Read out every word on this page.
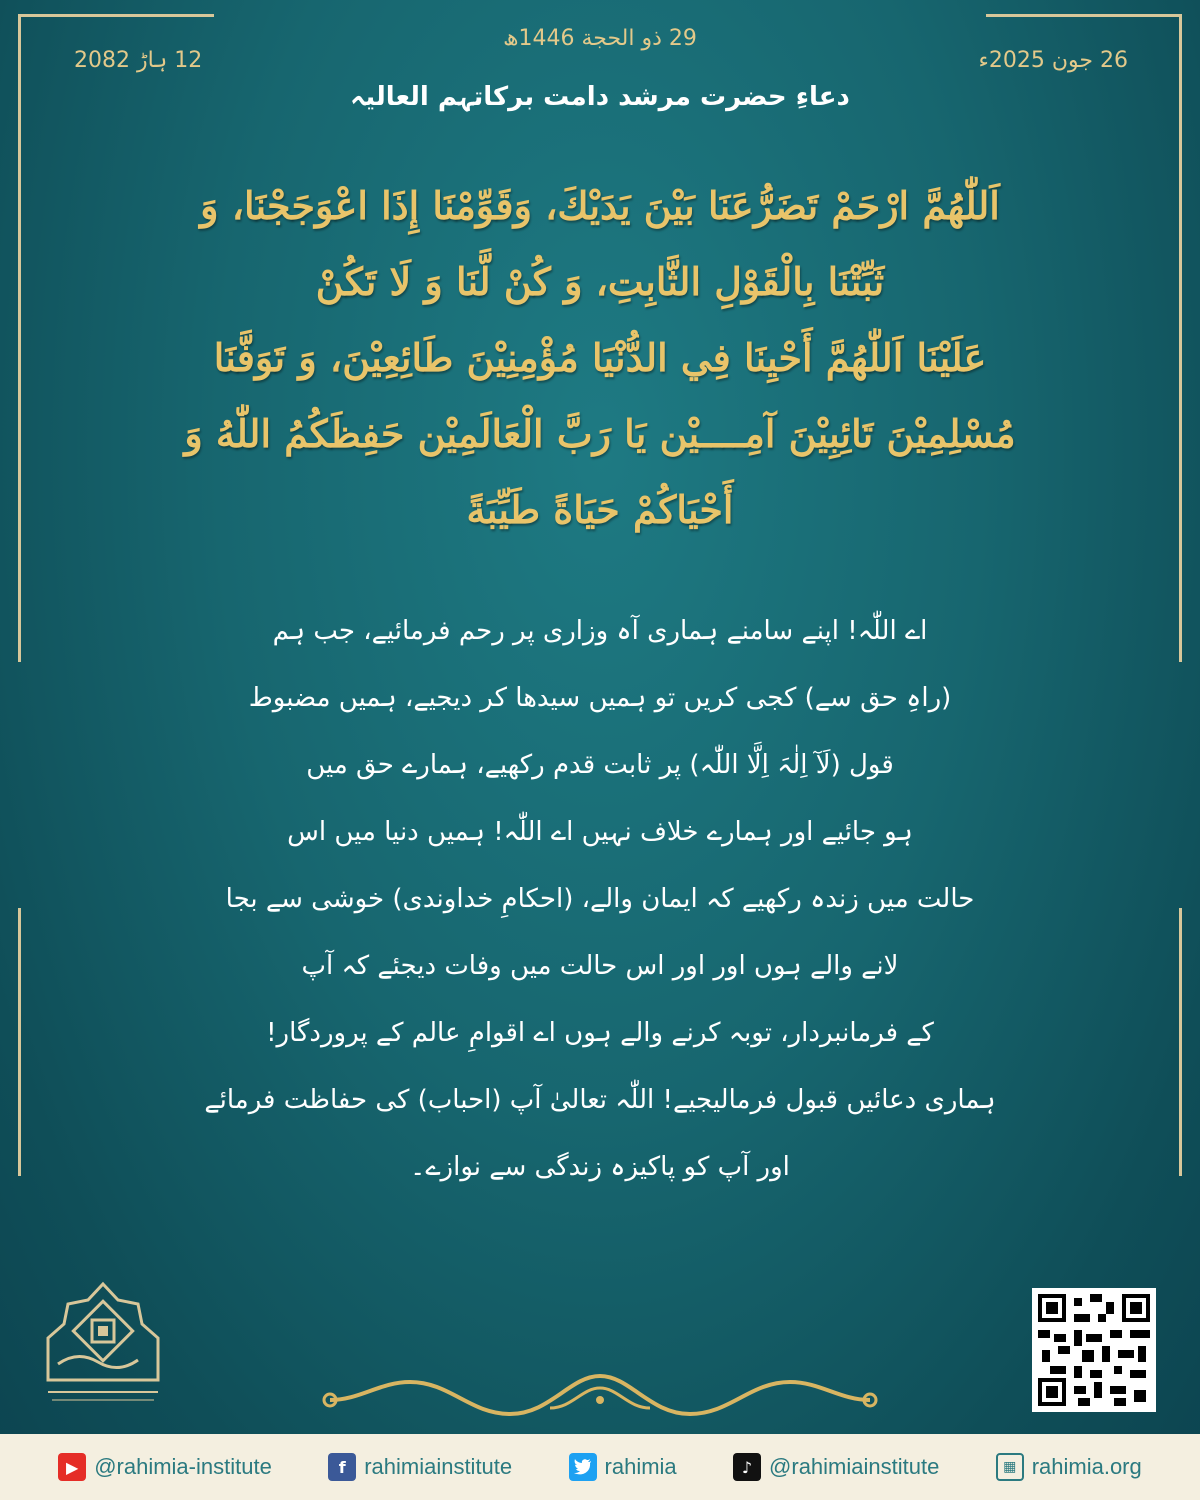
29 ذو الحجة 1446ھ
12 ہاڑ 2082	26 جون 2025ء
دعاءِ حضرت مرشد دامت برکاتہم العالیہ
اَللّٰهُمَّ ارْحَمْ تَضَرُّعَنَا بَيْنَ يَدَيْكَ، وَقَوِّمْنَا إِذَا اعْوَجَجْنَا، وَ
ثَبِّتْنَا بِالْقَوْلِ الثَّابِتِ، وَ كُنْ لَّنَا وَ لَا تَكُنْ
عَلَيْنَا اَللّٰهُمَّ أَحْيِنَا فِي الدُّنْيَا مُؤْمِنِيْنَ طَائِعِيْنَ، وَ تَوَفَّنَا
مُسْلِمِيْنَ تَائِبِيْنَ آمِــــيْن يَا رَبَّ الْعَالَمِيْن حَفِظَكُمُ اللّٰهُ وَ
أَحْيَاكُمْ حَيَاةً طَيِّبَةً
اے اللّٰہ! اپنے سامنے ہماری آہ وزاری پر رحم فرمائیے، جب ہم
(راہِ حق سے) کجی کریں تو ہمیں سیدھا کر دیجیے، ہمیں مضبوط
قول (لَآ اِلٰہَ اِلَّا اللّٰہ) پر ثابت قدم رکھیے، ہمارے حق میں
ہو جائیے اور ہمارے خلاف نہیں اے اللّٰہ! ہمیں دنیا میں اس
حالت میں زندہ رکھیے کہ ایمان والے، (احکامِ خداوندی) خوشی سے بجا
لانے والے ہوں اور اور اس حالت میں وفات دیجئے کہ آپ
کے فرمانبردار، توبہ کرنے والے ہوں اے اقوامِ عالم کے پروردگار!
ہماری دعائیں قبول فرمالیجیے! اللّٰہ تعالیٰ آپ (احباب) کی حفاظت فرمائے
اور آپ کو پاکیزہ زندگی سے نوازے۔
▶ @rahimia-institute	f rahimiainstitute	rahimia	♪ @rahimiainstitute	▦ rahimia.org
